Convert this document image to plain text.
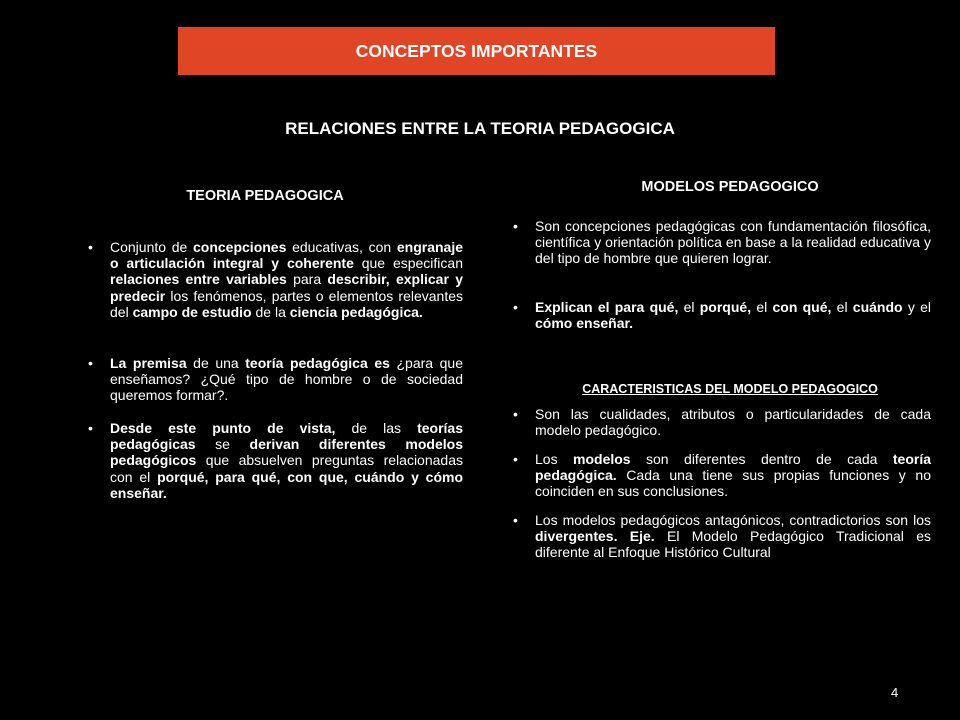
CONCEPTOS IMPORTANTES
RELACIONES ENTRE LA TEORIA PEDAGOGICA
TEORIA PEDAGOGICA
• Conjunto de concepciones educativas, con engranaje o articulación integral y coherente que especifican relaciones entre variables para describir, explicar y predecir los fenómenos, partes o elementos relevantes del campo de estudio de la ciencia pedagógica.
• La premisa de una teoría pedagógica es ¿para que enseñamos? ¿Qué tipo de hombre o de sociedad queremos formar?.
• Desde este punto de vista, de las teorías pedagógicas se derivan diferentes modelos pedagógicos que absuelven preguntas relacionadas con el porqué, para qué, con que, cuándo y cómo enseñar.
MODELOS PEDAGOGICO
• Son concepciones pedagógicas con fundamentación filosófica, científica y orientación política en base a la realidad educativa y del tipo de hombre que quieren lograr.
• Explican el para qué, el porqué, el con qué, el cuándo y el cómo enseñar.
CARACTERISTICAS DEL MODELO PEDAGOGICO
• Son las cualidades, atributos o particularidades de cada modelo pedagógico.
• Los modelos son diferentes dentro de cada teoría pedagógica. Cada una tiene sus propias funciones y no coinciden en sus conclusiones.
• Los modelos pedagógicos antagónicos, contradictorios son los divergentes. Eje. El Modelo Pedagógico Tradicional es diferente al Enfoque Histórico Cultural
4
